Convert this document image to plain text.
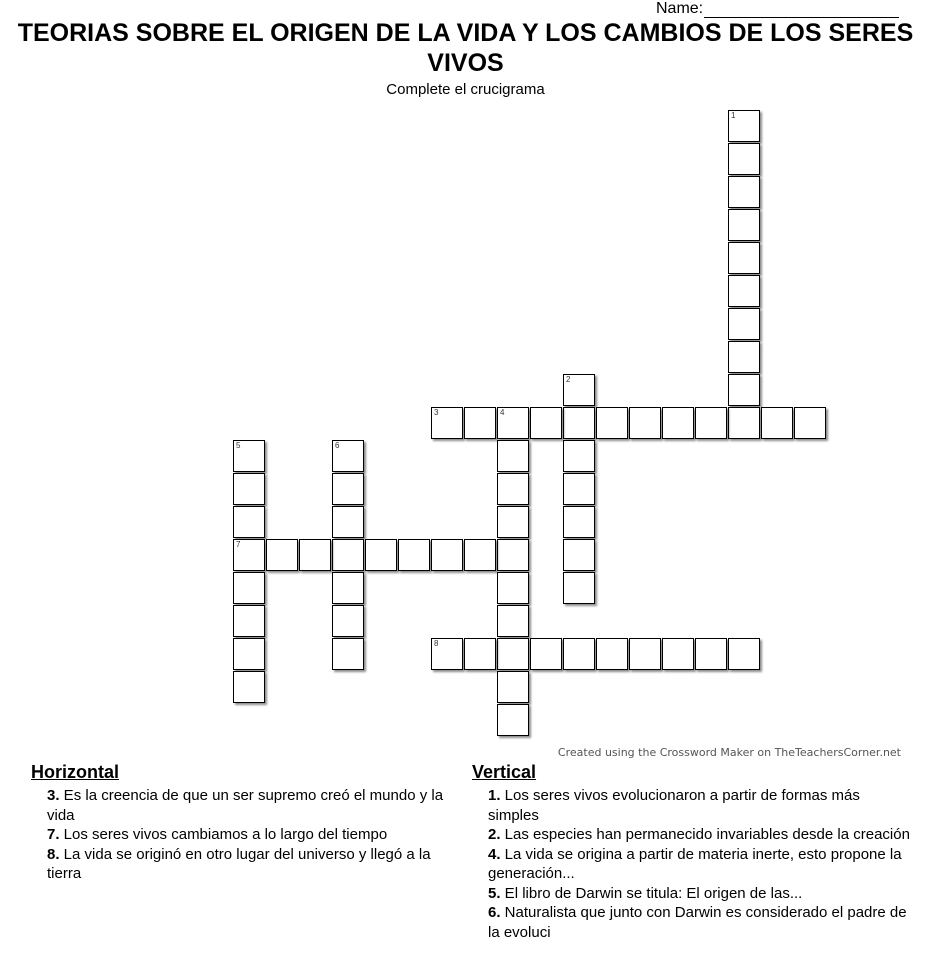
Name:
TEORIAS SOBRE EL ORIGEN DE LA VIDA Y LOS CAMBIOS DE LOS SERES VIVOS
Complete el crucigrama
1
2
3	4
5
7
6
8
Created using the Crossword Maker on TheTeachersCorner.net
Horizontal
3. Es la creencia de que un ser supremo creó el mundo y la vida
7. Los seres vivos cambiamos a lo largo del tiempo
8. La vida se originó en otro lugar del universo y llegó a la tierra
Vertical
1. Los seres vivos evolucionaron a partir de formas más simples
2. Las especies han permanecido invariables desde la creación
4. La vida se origina a partir de materia inerte, esto propone la generación...
5. El libro de Darwin se titula: El origen de las...
6. Naturalista que junto con Darwin es considerado el padre de la evoluci
